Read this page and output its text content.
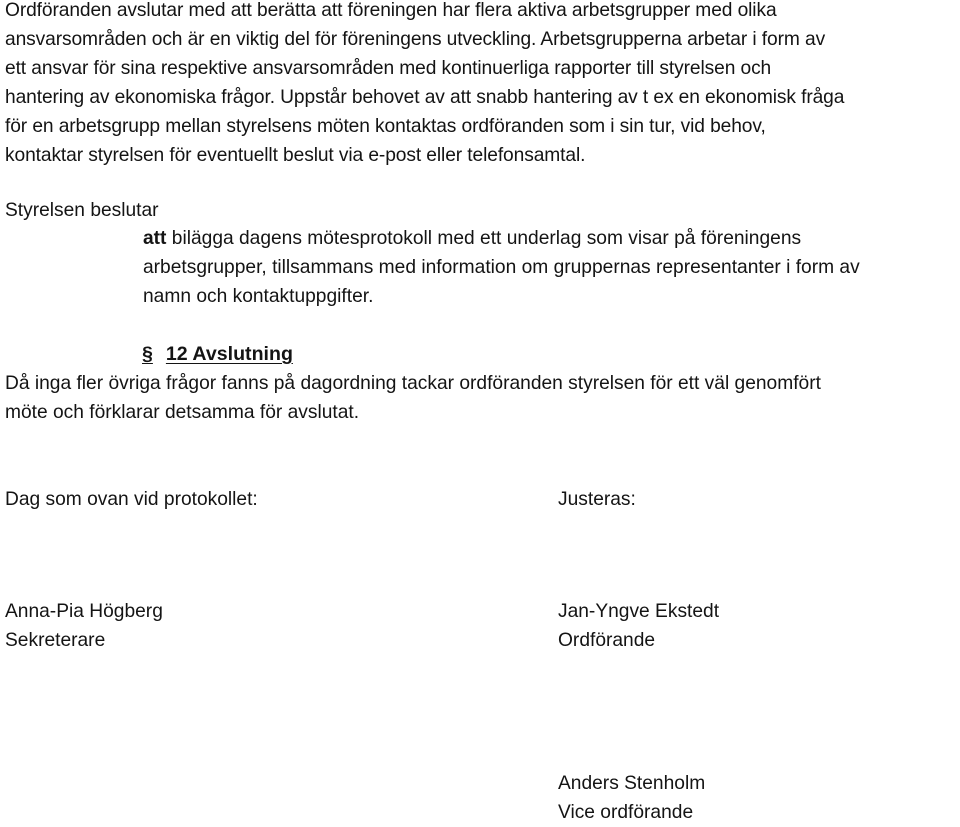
Ordföranden avslutar med att berätta att föreningen har flera aktiva arbetsgrupper med olika
ansvarsområden och är en viktig del för föreningens utveckling. Arbetsgrupperna arbetar i form av
ett ansvar för sina respektive ansvarsområden med kontinuerliga rapporter till styrelsen och
hantering av ekonomiska frågor. Uppstår behovet av att snabb hantering av t ex en ekonomisk fråga
för en arbetsgrupp mellan styrelsens möten kontaktas ordföranden som i sin tur, vid behov,
kontaktar styrelsen för eventuellt beslut via e-post eller telefonsamtal.
Styrelsen beslutar
att bilägga dagens mötesprotokoll med ett underlag som visar på föreningens
arbetsgrupper, tillsammans med information om gruppernas representanter i form av
namn och kontaktuppgifter.
§ 12 Avslutning
Då inga fler övriga frågor fanns på dagordning tackar ordföranden styrelsen för ett väl genomfört
möte och förklarar detsamma för avslutat.
Dag som ovan vid protokollet:	Justeras:
Anna-Pia Högberg
Sekreterare
Jan-Yngve Ekstedt
Ordförande
Anders Stenholm
Vice ordförande
